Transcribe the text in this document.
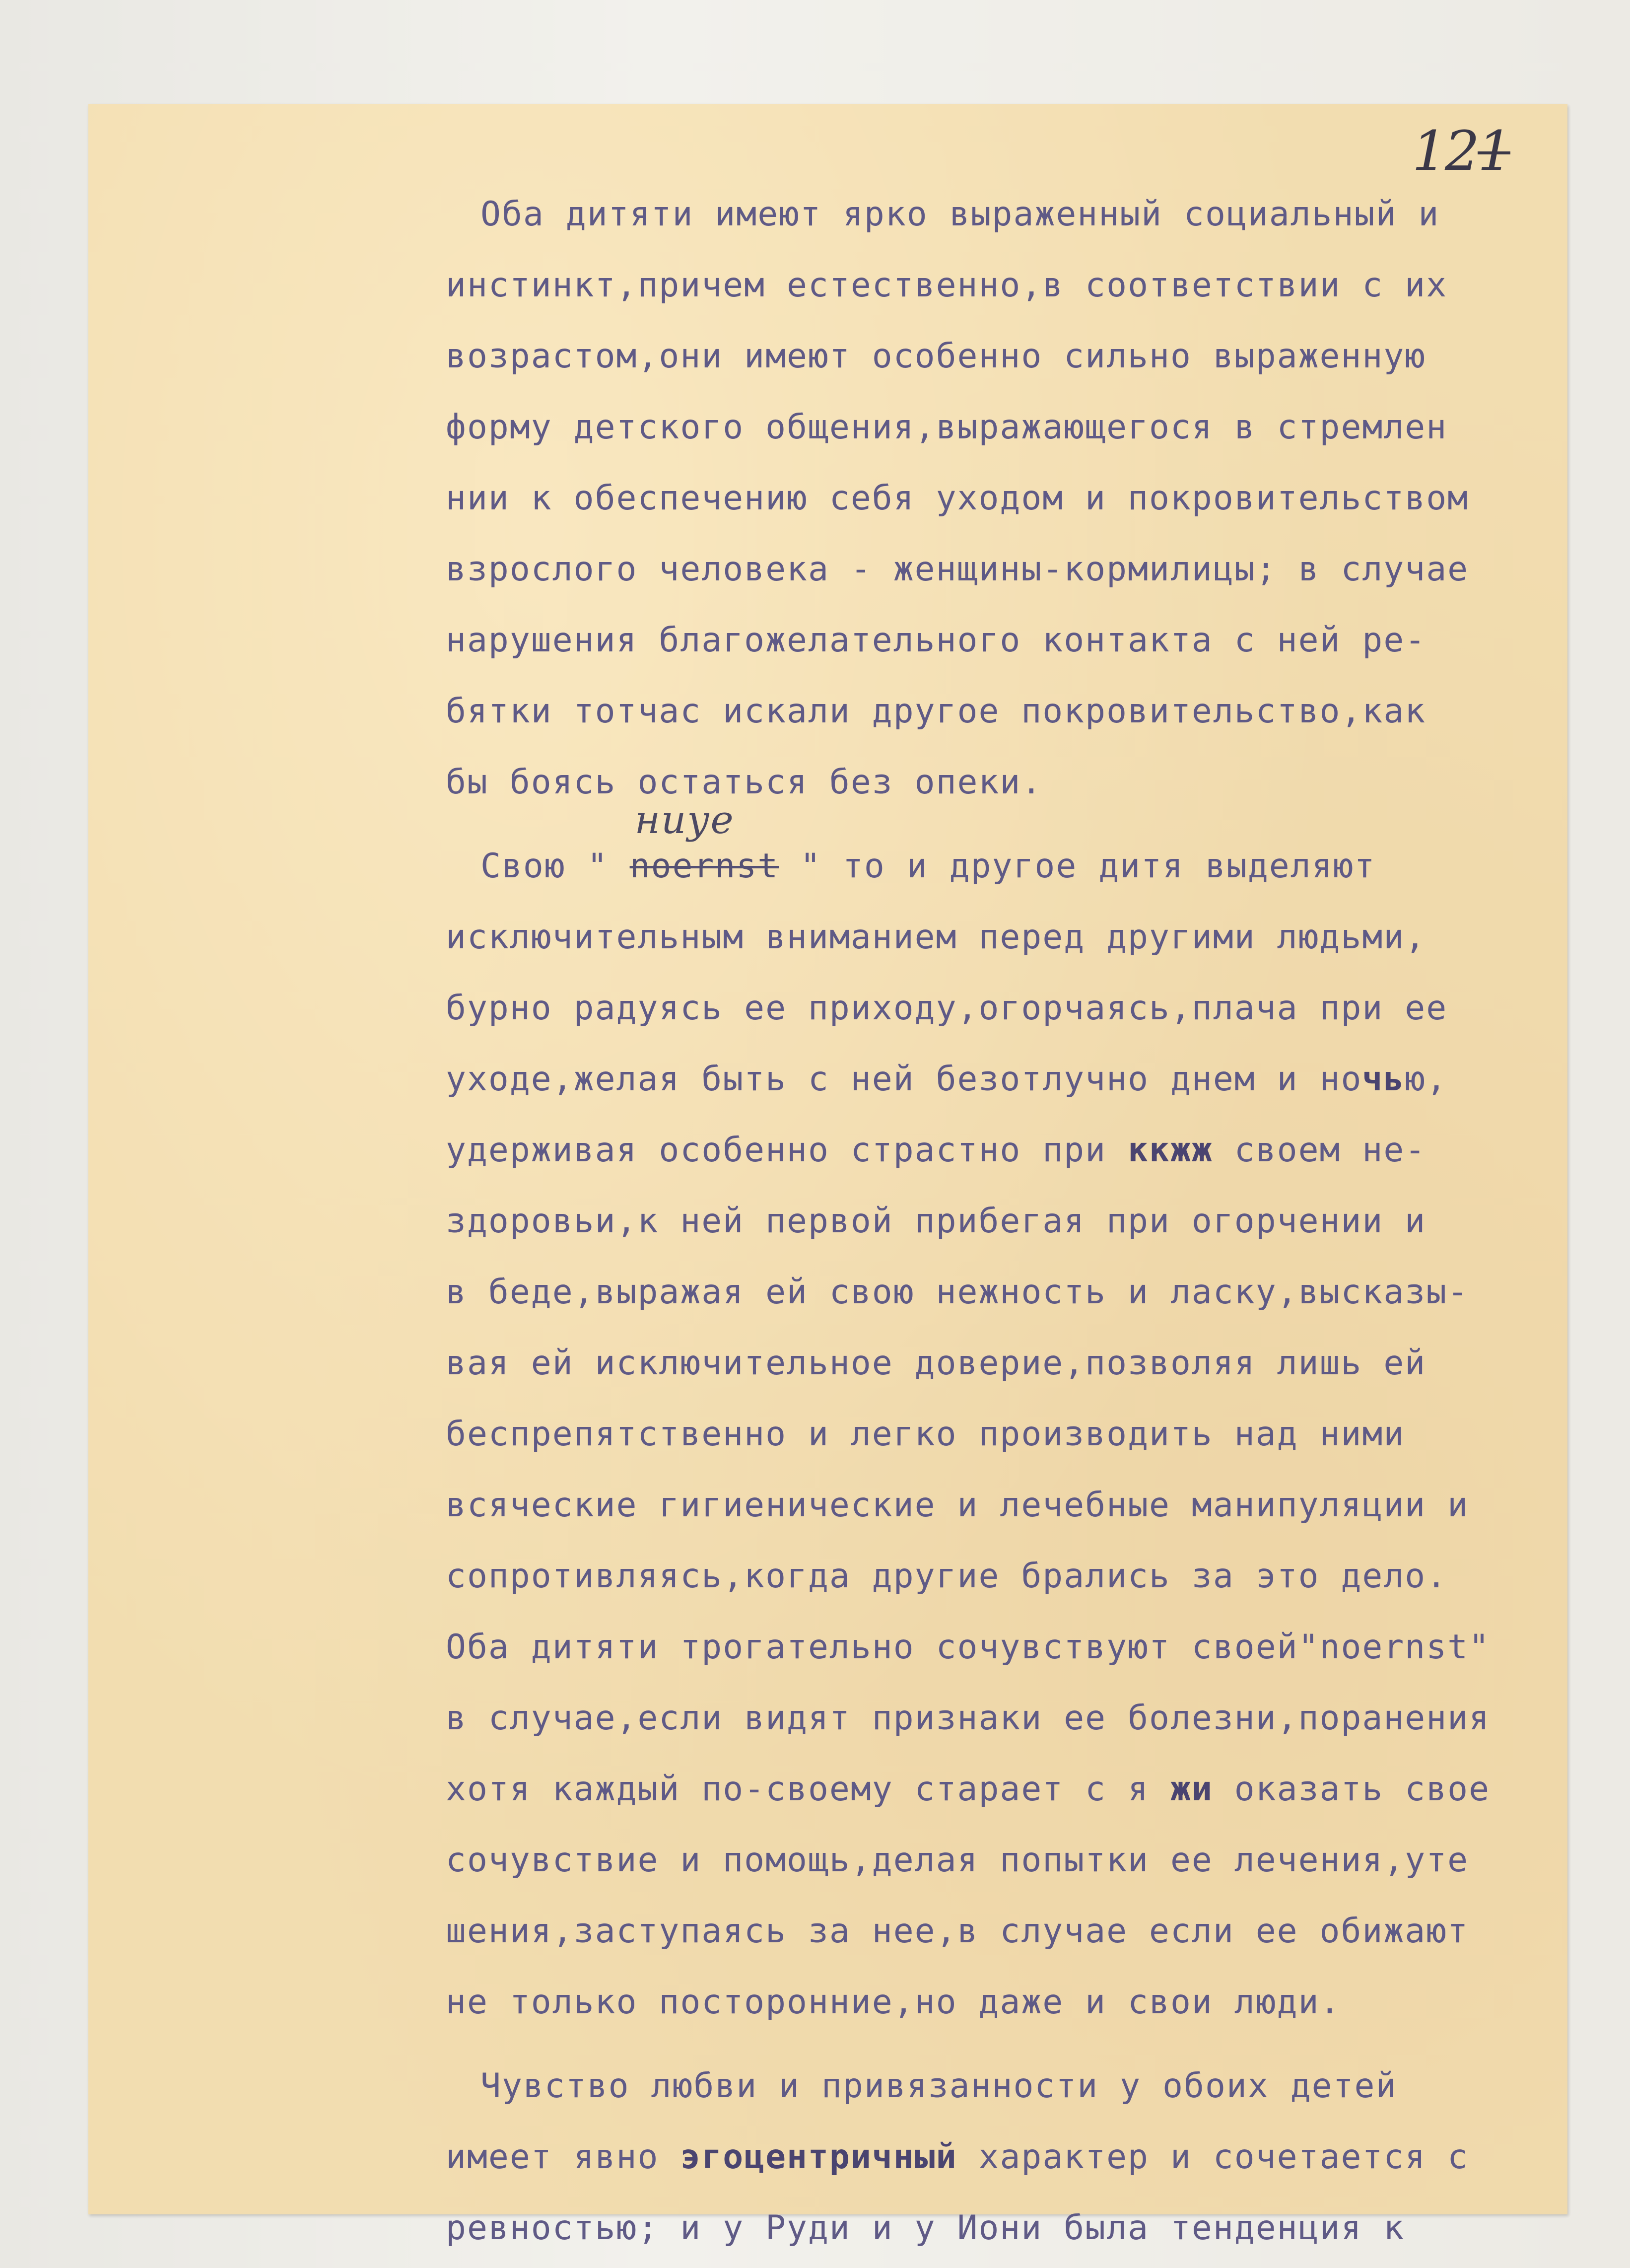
121
Оба дитяти имеют ярко выраженный социальный и
инстинкт,причем естественно,в соответствии с их
возрастом,они имеют особенно сильно выраженную
форму детского общения,выражающегося в стремлен
нии к обеспечению себя уходом и покровительством
взрослого человека - женщины-кормилицы; в случае
нарушения благожелательного контакта с ней ре-
бятки тотчас искали другое покровительство,как
бы боясь остаться без опеки.
Свою "
ниуе
noernst " то и другое дитя выделяют
исключительным вниманием перед другими людьми,
бурно радуясь ее приходу,огорчаясь,плача при ее
уходе,желая быть с ней безотлучно днем и ночью,
удерживая особенно страстно при ккжж своем не-
здоровьи,к ней первой прибегая при огорчении и
в беде,выражая ей свою нежность и ласку,высказы-
вая ей исключительное доверие,позволяя лишь ей
беспрепятственно и легко производить над ними
всяческие гигиенические и лечебные манипуляции и
сопротивляясь,когда другие брались за это дело.
Оба дитяти трогательно сочувствуют своей"noernst"
в случае,если видят признаки ее болезни,поранения
хотя каждый по-своему старает с я жи оказать свое
сочувствие и помощь,делая попытки ее лечения,уте
шения,заступаясь за нее,в случае если ее обижают
не только посторонние,но даже и свои люди.
Чувство любви и привязанности у обоих детей
имеет явно эгоцентричный характер и сочетается с
ревностью; и у Руди и у Иони была тенденция к
